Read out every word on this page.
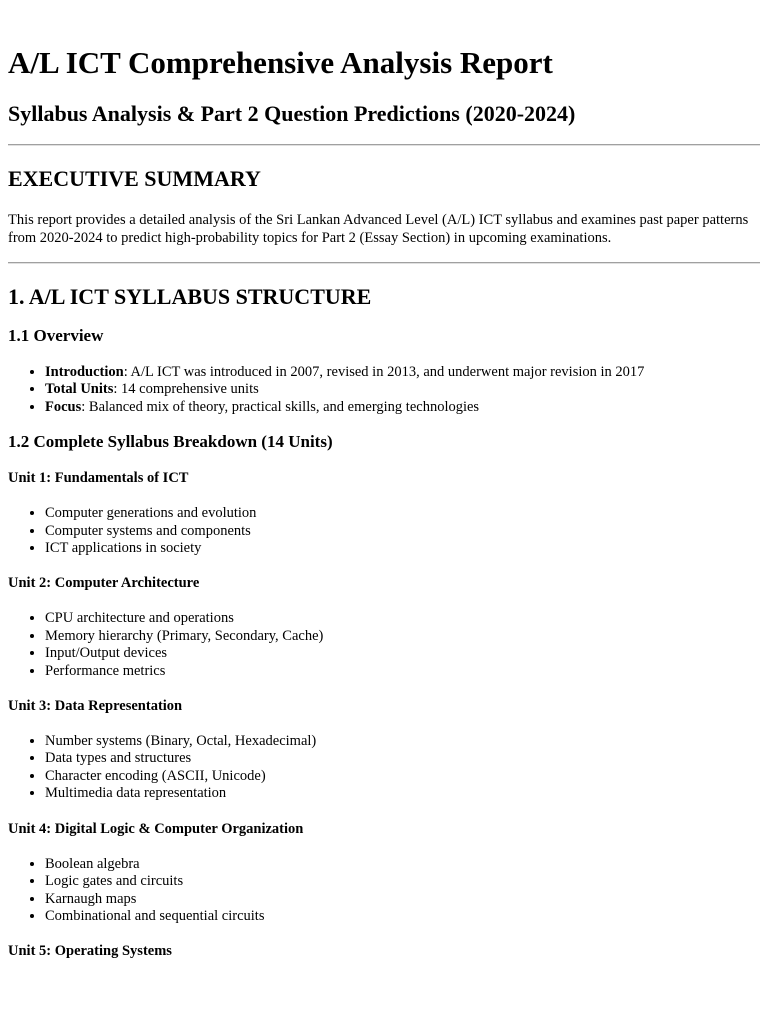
A/L ICT Comprehensive Analysis Report
Syllabus Analysis & Part 2 Question Predictions (2020-2024)
EXECUTIVE SUMMARY

This report provides a detailed analysis of the Sri Lankan Advanced Level (A/L) ICT syllabus and examines past paper patterns from 2020-2024 to predict high-probability topics for Part 2 (Essay Section) in upcoming examinations.

1. A/L ICT SYLLABUS STRUCTURE
1.1 Overview
• Introduction: A/L ICT was introduced in 2007, revised in 2013, and underwent major revision in 2017
• Total Units: 14 comprehensive units
• Focus: Balanced mix of theory, practical skills, and emerging technologies
1.2 Complete Syllabus Breakdown (14 Units)
Unit 1: Fundamentals of ICT
• Computer generations and evolution
• Computer systems and components
• ICT applications in society
Unit 2: Computer Architecture
• CPU architecture and operations
• Memory hierarchy (Primary, Secondary, Cache)
• Input/Output devices
• Performance metrics
Unit 3: Data Representation
• Number systems (Binary, Octal, Hexadecimal)
• Data types and structures
• Character encoding (ASCII, Unicode)
• Multimedia data representation
Unit 4: Digital Logic & Computer Organization
• Boolean algebra
• Logic gates and circuits
• Karnaugh maps
• Combinational and sequential circuits
Unit 5: Operating Systems
